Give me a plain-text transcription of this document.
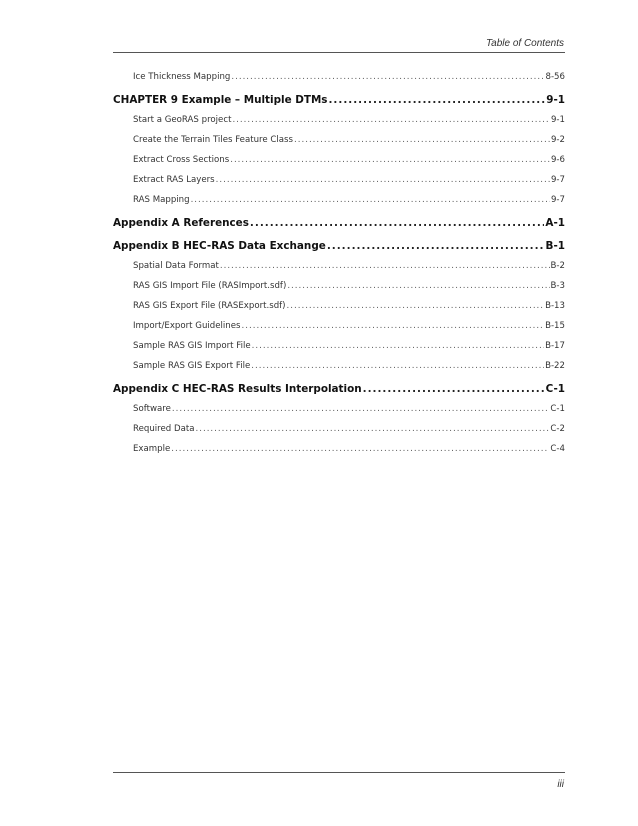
Table of Contents
Ice Thickness Mapping .....	8-56
CHAPTER 9 Example – Multiple DTMs .....	9-1
Start a GeoRAS project .....	9-1
Create the Terrain Tiles Feature Class .....	9-2
Extract Cross Sections .....	9-6
Extract RAS Layers .....	9-7
RAS Mapping .....	9-7
Appendix A References .....	A-1
Appendix B HEC-RAS Data Exchange .....	B-1
Spatial Data Format .....	B-2
RAS GIS Import File (RASImport.sdf) .....	B-3
RAS GIS Export File (RASExport.sdf) .....	B-13
Import/Export Guidelines .....	B-15
Sample RAS GIS Import File .....	B-17
Sample RAS GIS Export File .....	B-22
Appendix C HEC-RAS Results Interpolation .....	C-1
Software .....	C-1
Required Data .....	C-2
Example .....	C-4
iii
